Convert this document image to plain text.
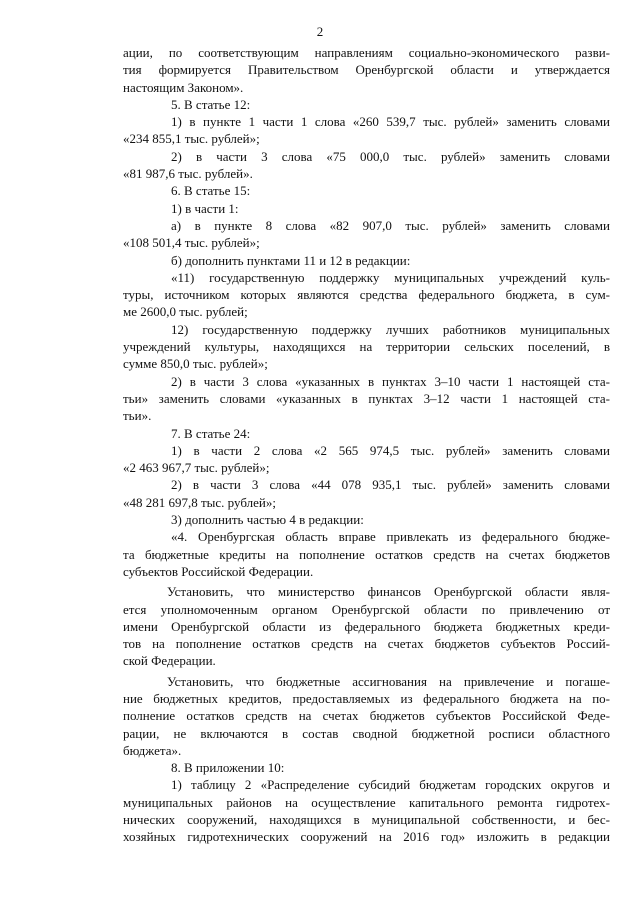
2
ации, по соответствующим направлениям социально-экономического разви-
тия формируется Правительством Оренбургской области и утверждается
настоящим Законом».
5. В статье 12:
1) в пункте 1 части 1 слова «260 539,7 тыс. рублей» заменить словами
«234 855,1 тыс. рублей»;
2) в части 3 слова «75 000,0 тыс. рублей» заменить словами
«81 987,6 тыс. рублей».
6. В статье 15:
1) в части 1:
а) в пункте 8 слова «82 907,0 тыс. рублей» заменить словами
«108 501,4 тыс. рублей»;
б) дополнить пунктами 11 и 12 в редакции:
«11) государственную поддержку муниципальных учреждений куль-
туры, источником которых являются средства федерального бюджета, в сум-
ме 2600,0 тыс. рублей;
12) государственную поддержку лучших работников муниципальных
учреждений культуры, находящихся на территории сельских поселений, в
сумме 850,0 тыс. рублей»;
2) в части 3 слова «указанных в пунктах 3–10 части 1 настоящей ста-
тьи» заменить словами «указанных в пунктах 3–12 части 1 настоящей ста-
тьи».
7. В статье 24:
1) в части 2 слова «2 565 974,5 тыс. рублей» заменить словами
«2 463 967,7 тыс. рублей»;
2) в части 3 слова «44 078 935,1 тыс. рублей» заменить словами
«48 281 697,8 тыс. рублей»;
3) дополнить частью 4 в редакции:
«4. Оренбургская область вправе привлекать из федерального бюдже-
та бюджетные кредиты на пополнение остатков средств на счетах бюджетов
субъектов Российской Федерации.
Установить, что министерство финансов Оренбургской области явля-
ется уполномоченным органом Оренбургской области по привлечению от
имени Оренбургской области из федерального бюджета бюджетных креди-
тов на пополнение остатков средств на счетах бюджетов субъектов Россий-
ской Федерации.
Установить, что бюджетные ассигнования на привлечение и погаше-
ние бюджетных кредитов, предоставляемых из федерального бюджета на по-
полнение остатков средств на счетах бюджетов субъектов Российской Феде-
рации, не включаются в состав сводной бюджетной росписи областного
бюджета».
8. В приложении 10:
1) таблицу 2 «Распределение субсидий бюджетам городских округов и
муниципальных районов на осуществление капитального ремонта гидротех-
нических сооружений, находящихся в муниципальной собственности, и бес-
хозяйных гидротехнических сооружений на 2016 год» изложить в редакции
